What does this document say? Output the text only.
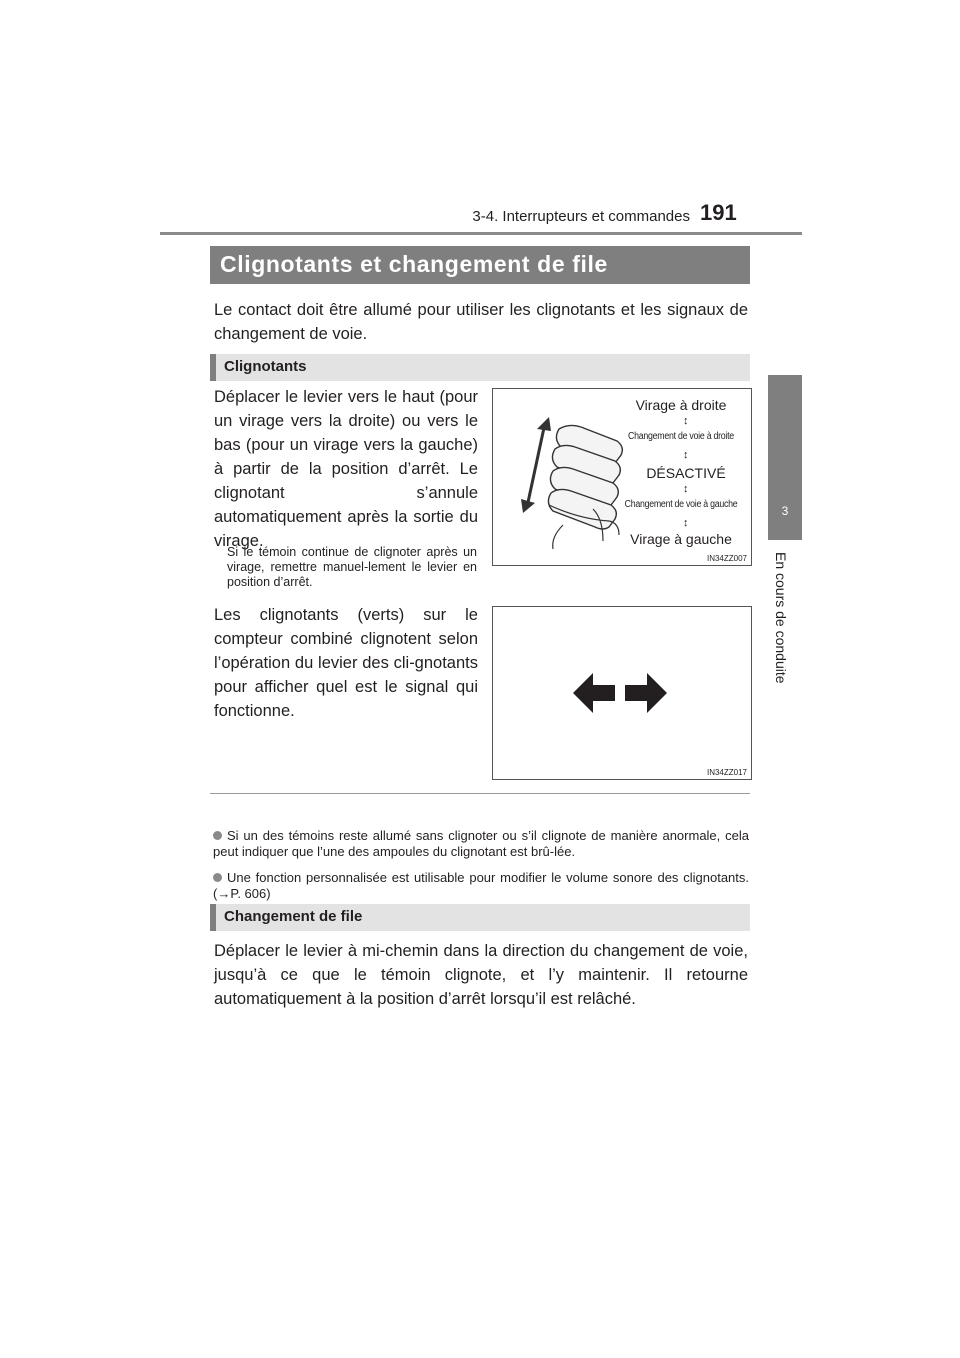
3-4. Interrupteurs et commandes 191
3
En cours de conduite
Clignotants et changement de file
Le contact doit être allumé pour utiliser les clignotants et les signaux de changement de voie.
Clignotants
Déplacer le levier vers le haut (pour un virage vers la droite) ou vers le bas (pour un virage vers la gauche) à partir de la position d’arrêt. Le clignotant s’annule automatiquement après la sortie du virage.
Si le témoin continue de clignoter après un virage, remettre manuel-lement le levier en position d’arrêt.
Les clignotants (verts) sur le compteur combiné clignotent selon l’opération du levier des cli-gnotants pour afficher quel est le signal qui fonctionne.
Virage à droite
↕
Changement de voie à droite
↕
DÉSACTIVÉ
↕
Changement de voie à gauche
↕
Virage à gauche
IN34ZZ007
IN34ZZ017
Si un des témoins reste allumé sans clignoter ou s’il clignote de manière anormale, cela peut indiquer que l’une des ampoules du clignotant est brû-lée.
Une fonction personnalisée est utilisable pour modifier le volume sonore des clignotants. (→P. 606)
Changement de file
Déplacer le levier à mi-chemin dans la direction du changement de voie, jusqu’à ce que le témoin clignote, et l’y maintenir. Il retourne automatiquement à la position d’arrêt lorsqu’il est relâché.
